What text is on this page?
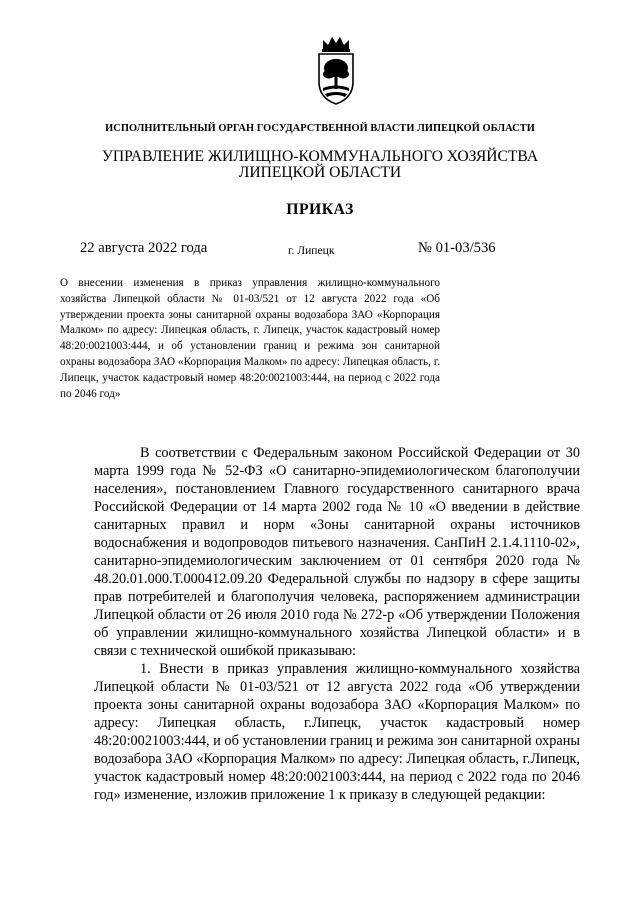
ИСПОЛНИТЕЛЬНЫЙ ОРГАН ГОСУДАРСТВЕННОЙ ВЛАСТИ ЛИПЕЦКОЙ ОБЛАСТИ
УПРАВЛЕНИЕ ЖИЛИЩНО-КОММУНАЛЬНОГО ХОЗЯЙСТВА
ЛИПЕЦКОЙ ОБЛАСТИ
ПРИКАЗ
22 августа 2022 года	г. Липецк	№ 01-03/536
О внесении изменения в приказ управления жилищно-коммунального хозяйства Липецкой области № 01-03/521 от 12 августа 2022 года «Об утверждении проекта зоны санитарной охраны водозабора ЗАО «Корпорация Малком» по адресу: Липецкая область, г. Липецк, участок кадастровый номер 48:20:0021003:444, и об установлении границ и режима зон санитарной охраны водозабора ЗАО «Корпорация Малком» по адресу: Липецкая область, г. Липецк, участок кадастровый номер 48:20:0021003:444, на период с 2022 года по 2046 год»

В соответствии с Федеральным законом Российской Федерации от 30 марта 1999 года № 52-ФЗ «О санитарно-эпидемиологическом благополучии населения», постановлением Главного государственного санитарного врача Российской Федерации от 14 марта 2002 года № 10 «О введении в действие санитарных правил и норм «Зоны санитарной охраны источников водоснабжения и водопроводов питьевого назначения. СанПиН 2.1.4.1110-02», санитарно-эпидемиологическим заключением от 01 сентября 2020 года № 48.20.01.000.Т.000412.09.20 Федеральной службы по надзору в сфере защиты прав потребителей и благополучия человека, распоряжением администрации Липецкой области от 26 июля 2010 года № 272-р «Об утверждении Положения об управлении жилищно-коммунального хозяйства Липецкой области» и в связи с технической ошибкой приказываю:

1. Внести в приказ управления жилищно-коммунального хозяйства Липецкой области № 01-03/521 от 12 августа 2022 года «Об утверждении проекта зоны санитарной охраны водозабора ЗАО «Корпорация Малком» по адресу: Липецкая область, г.Липецк, участок кадастровый номер 48:20:0021003:444, и об установлении границ и режима зон санитарной охраны водозабора ЗАО «Корпорация Малком» по адресу: Липецкая область, г.Липецк, участок кадастровый номер 48:20:0021003:444, на период с 2022 года по 2046 год» изменение, изложив приложение 1 к приказу в следующей редакции:
